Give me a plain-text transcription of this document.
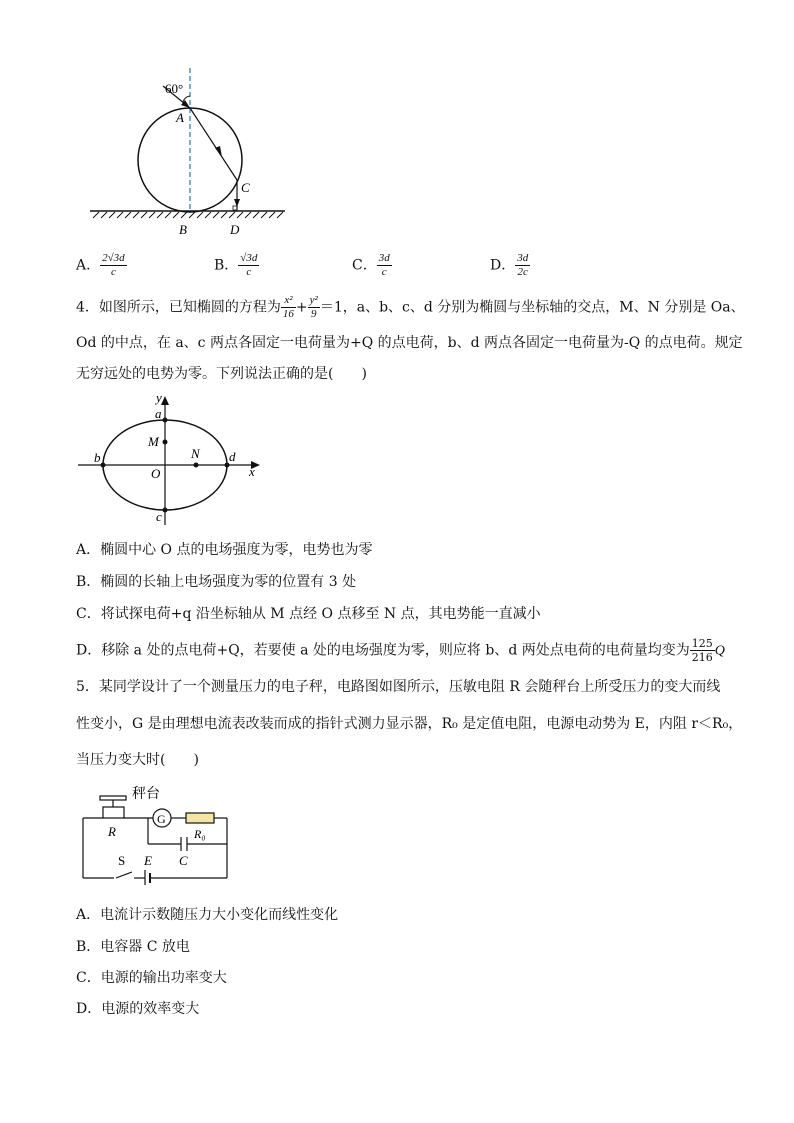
60°
A
B
C
D
A． $\frac{2√3d}{c}$	B． $\frac{√3d}{c}$	C． $\frac{3d}{c}$	D． $\frac{3d}{2c}$
4．如图所示，已知椭圆的方程为 $\frac{\text{x²}}{16} + \frac{\text{y²}}{9} =1$，a、b、c、d 分别为椭圆与坐标轴的交点，M、N 分别是 Oa、
Od 的中点，在 a、c 两点各固定一电荷量为+Q 的点电荷，b、d 两点各固定一电荷量为-Q 的点电荷。规定
无穷远处的电势为零。下列说法正确的是(　　)
y
a
M
N
b	d
O	x
c
A．椭圆中心 O 点的电场强度为零，电势也为零
B．椭圆的长轴上电场强度为零的位置有 3 处
C．将试探电荷+q 沿坐标轴从 M 点经 O 点移至 N 点，其电势能一直减小
D．移除 a 处的点电荷+Q，若要使 a 处的电场强度为零，则应将 b、d 两处点电荷的电荷量均变为 $\frac{125}{216}$ Q
5．某同学设计了一个测量压力的电子秤，电路图如图所示，压敏电阻 R 会随秤台上所受压力的变大而线
性变小，G 是由理想电流表改装而成的指针式测力显示器，R₀ 是定值电阻，电源电动势为 E，内阻 r＜R₀，
当压力变大时(　　)
秤台
G
R	R₀
C
S E
A．电流计示数随压力大小变化而线性变化
B．电容器 C 放电
C．电源的输出功率变大
D．电源的效率变大
